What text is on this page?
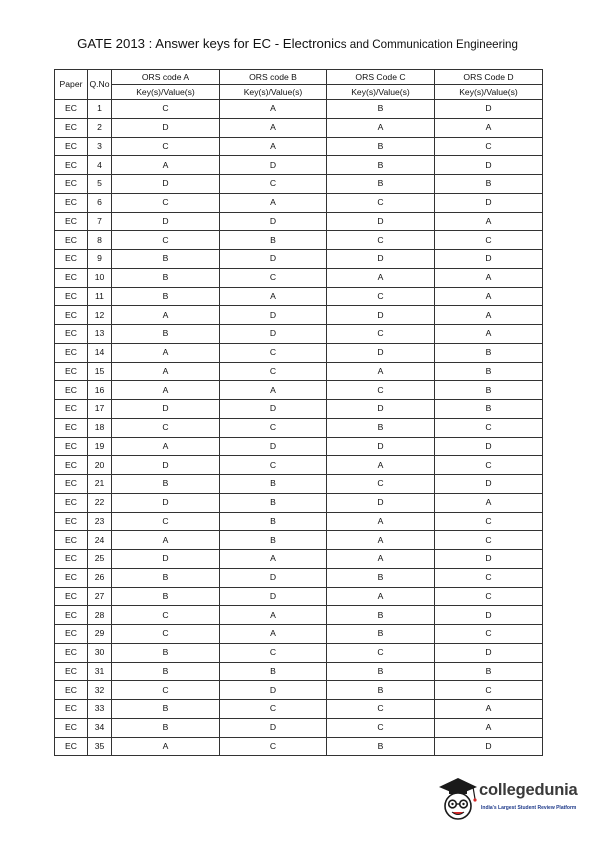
GATE 2013 : Answer keys for EC - Electronics and Communication Engineering
Paper	Q.No	ORS code A	ORS code B	ORS Code C	ORS Code D
		Key(s)/Value(s)	Key(s)/Value(s)	Key(s)/Value(s)	Key(s)/Value(s)
EC	1	C	A	B	D
EC	2	D	A	A	A
EC	3	C	A	B	C
EC	4	A	D	B	D
EC	5	D	C	B	B
EC	6	C	A	C	D
EC	7	D	D	D	A
EC	8	C	B	C	C
EC	9	B	D	D	D
EC	10	B	C	A	A
EC	11	B	A	C	A
EC	12	A	D	D	A
EC	13	B	D	C	A
EC	14	A	C	D	B
EC	15	A	C	A	B
EC	16	A	A	C	B
EC	17	D	D	D	B
EC	18	C	C	B	C
EC	19	A	D	D	D
EC	20	D	C	A	C
EC	21	B	B	C	D
EC	22	D	B	D	A
EC	23	C	B	A	C
EC	24	A	B	A	C
EC	25	D	A	A	D
EC	26	B	D	B	C
EC	27	B	D	A	C
EC	28	C	A	B	D
EC	29	C	A	B	C
EC	30	B	C	C	D
EC	31	B	B	B	B
EC	32	C	D	B	C
EC	33	B	C	C	A
EC	34	B	D	C	A
EC	35	A	C	B	D
collegedunia
India's Largest Student Review Platform
